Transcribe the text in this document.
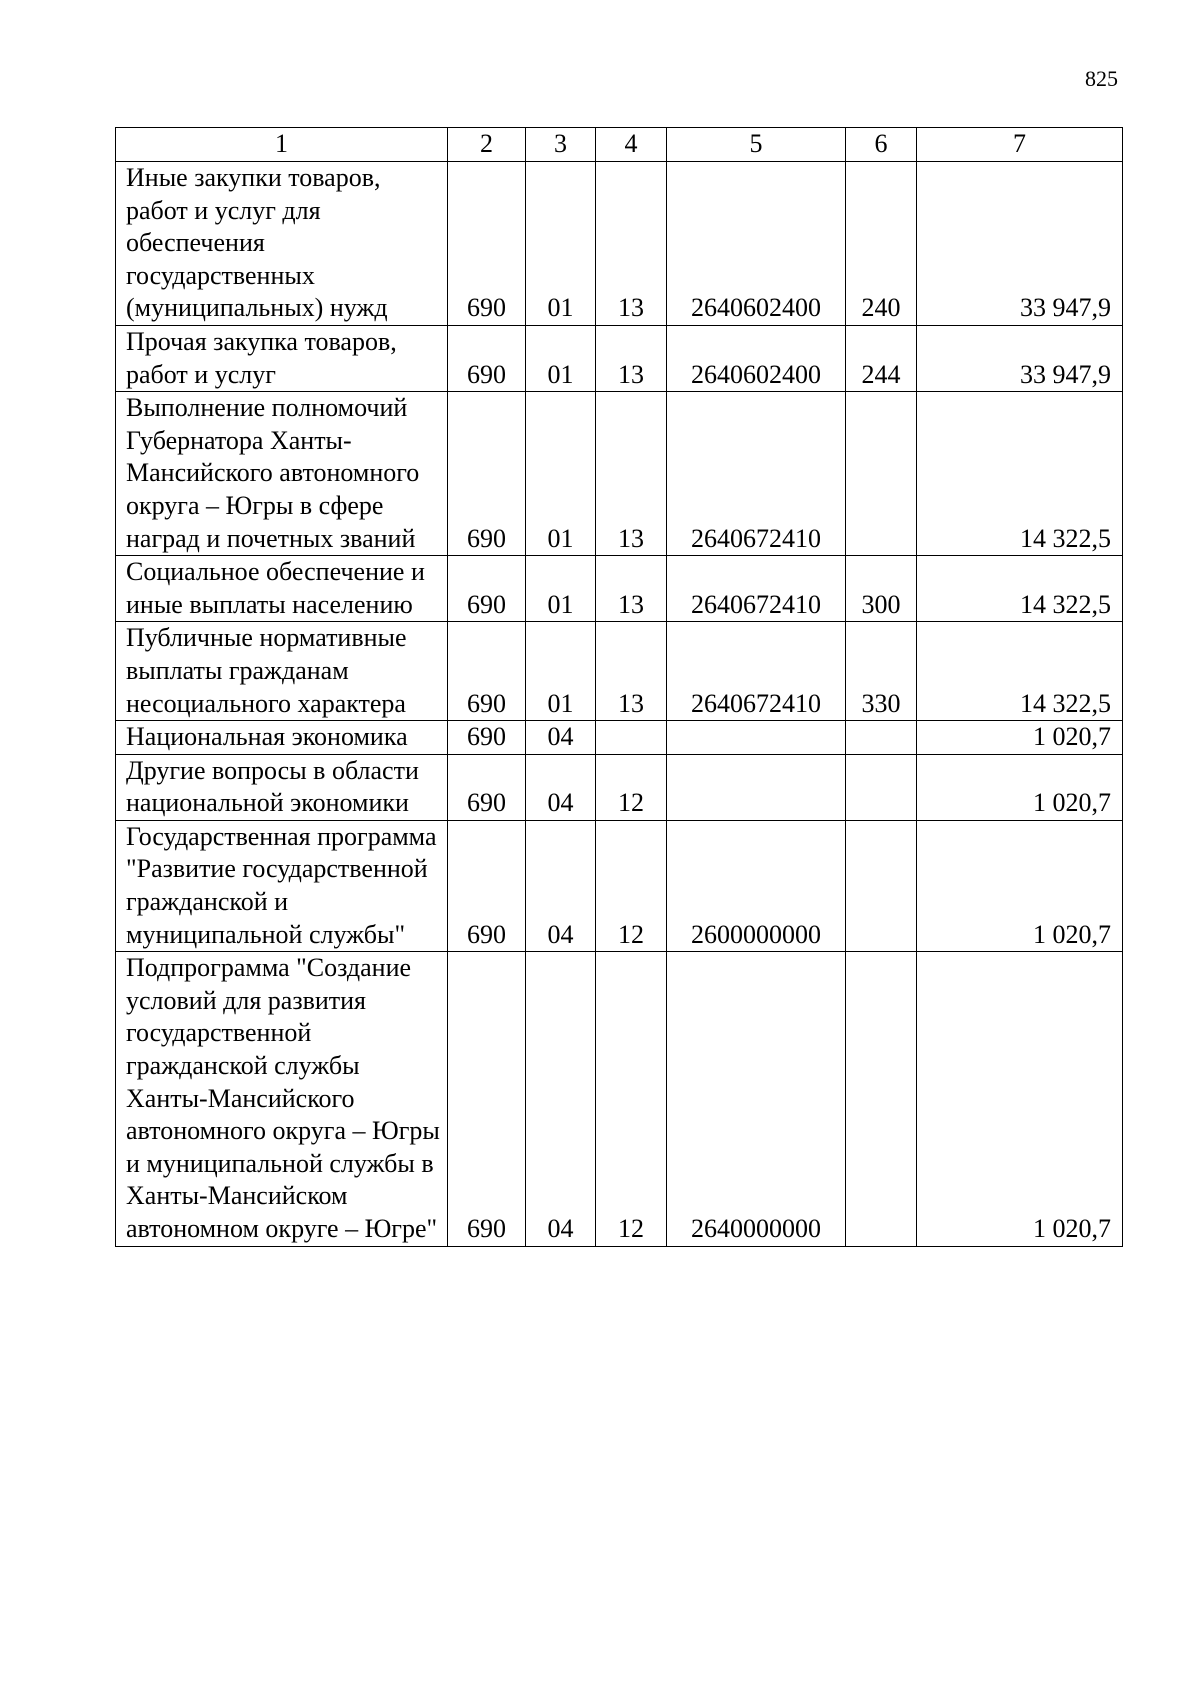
825
1	2	3	4	5	6	7
Иные закупки товаров, работ и услуг для обеспечения государственных (муниципальных) нужд	690	01	13	2640602400	240	33 947,9
Прочая закупка товаров, работ и услуг	690	01	13	2640602400	244	33 947,9
Выполнение полномочий Губернатора Ханты-Мансийского автономного округа – Югры в сфере наград и почетных званий	690	01	13	2640672410		14 322,5
Социальное обеспечение и иные выплаты населению	690	01	13	2640672410	300	14 322,5
Публичные нормативные выплаты гражданам несоциального характера	690	01	13	2640672410	330	14 322,5
Национальная экономика	690	04				1 020,7
Другие вопросы в области национальной экономики	690	04	12			1 020,7
Государственная программа "Развитие государственной гражданской и муниципальной службы"	690	04	12	2600000000		1 020,7
Подпрограмма "Создание условий для развития государственной гражданской службы Ханты-Мансийского автономного округа – Югры и муниципальной службы в Ханты-Мансийском автономном округе – Югре"	690	04	12	2640000000		1 020,7
